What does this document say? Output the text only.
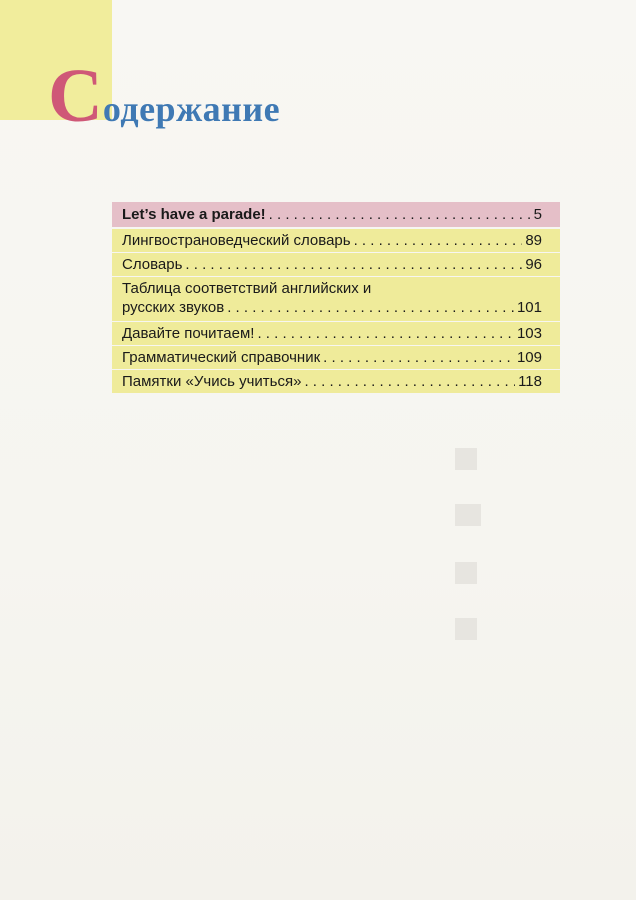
Содержание
Let’s have a parade! . . .	5
Лингвострановедческий словарь . . .	89
Словарь . . .	96
Таблица соответствий английских и
русских звуков . . .	101
Давайте почитаем! . . .	103
Грамматический справочник . . .	109
Памятки «Учись учиться» . . .	118
